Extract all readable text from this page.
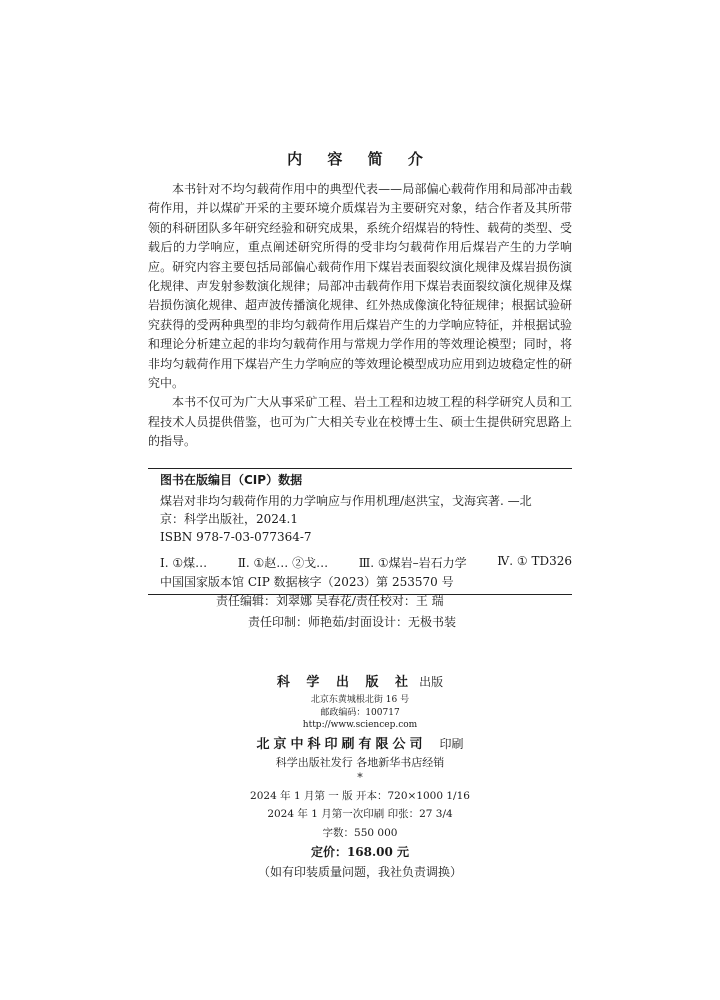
内 容 简 介

本书针对不均匀载荷作用中的典型代表——局部偏心载荷作用和局部冲击载荷作用，并以煤矿开采的主要环境介质煤岩为主要研究对象，结合作者及其所带领的科研团队多年研究经验和研究成果，系统介绍煤岩的特性、载荷的类型、受载后的力学响应，重点阐述研究所得的受非均匀载荷作用后煤岩产生的力学响应。研究内容主要包括局部偏心载荷作用下煤岩表面裂纹演化规律及煤岩损伤演化规律、声发射参数演化规律；局部冲击载荷作用下煤岩表面裂纹演化规律及煤岩损伤演化规律、超声波传播演化规律、红外热成像演化特征规律；根据试验研究获得的受两种典型的非均匀载荷作用后煤岩产生的力学响应特征，并根据试验和理论分析建立起的非均匀载荷作用与常规力学作用的等效理论模型；同时，将非均匀载荷作用下煤岩产生力学响应的等效理论模型成功应用到边坡稳定性的研究中。

本书不仅可为广大从事采矿工程、岩土工程和边坡工程的科学研究人员和工程技术人员提供借鉴，也可为广大相关专业在校博士生、硕士生提供研究思路上的指导。

图书在版编目（CIP）数据
煤岩对非均匀载荷作用的力学响应与作用机理/赵洪宝，戈海宾著. —北
京：科学出版社，2024.1
ISBN 978-7-03-077364-7
Ⅰ. ①煤…	Ⅱ. ①赵… ②戈…	Ⅲ. ①煤岩–岩石力学	Ⅳ. ① TD326
中国国家版本馆 CIP 数据核字（2023）第 253570 号
责任编辑：刘翠娜 吴春花/责任校对：王 瑞
责任印制：师艳茹/封面设计：无极书装
科 学 出 版 社 出版
北京东黄城根北街 16 号
邮政编码：100717
http://www.sciencep.com
北京中科印刷有限公司 印刷
科学出版社发行 各地新华书店经销
*
2024 年 1 月第 一 版 开本：720×1000 1/16
2024 年 1 月第一次印刷 印张：27 3/4
字数：550 000
定价：168.00 元
（如有印装质量问题，我社负责调换）
